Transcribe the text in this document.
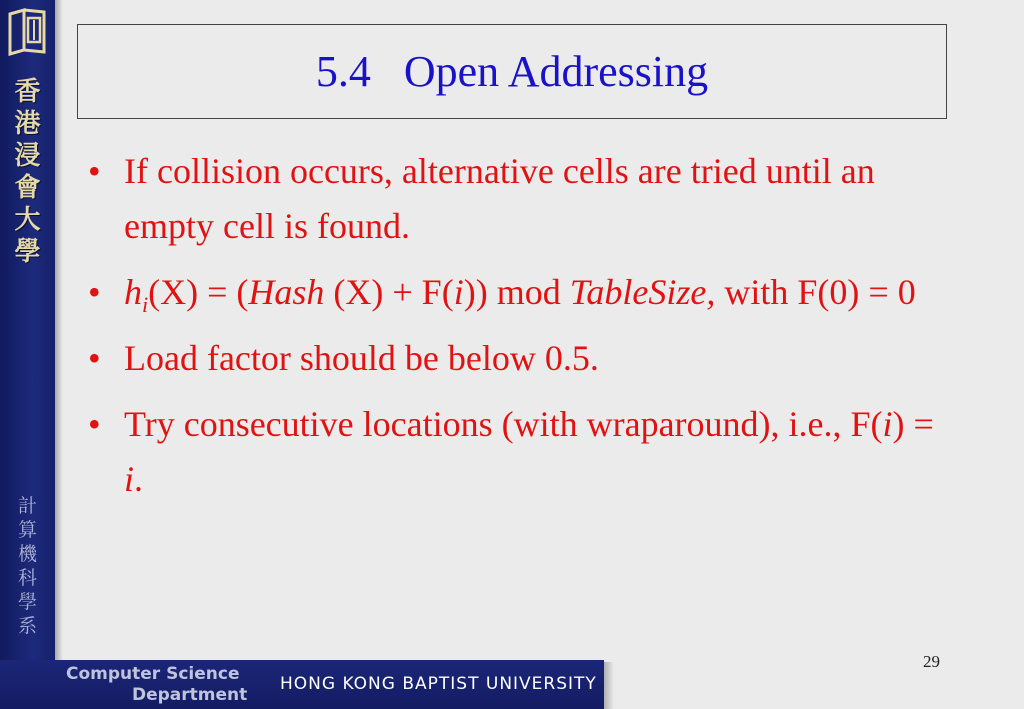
香
港
浸
會
大
學
計
算
機
科
學
系
5.4   Open Addressing
• If collision occurs, alternative cells are tried until an empty cell is found.
• $h_i(X)$ = (Hash (X) + F(i)) mod TableSize, with F(0) = 0
• Load factor should be below 0.5.
• Try consecutive locations (with wraparound), i.e., F(i) = i.
29
Computer Science
Department
HONG KONG BAPTIST UNIVERSITY
